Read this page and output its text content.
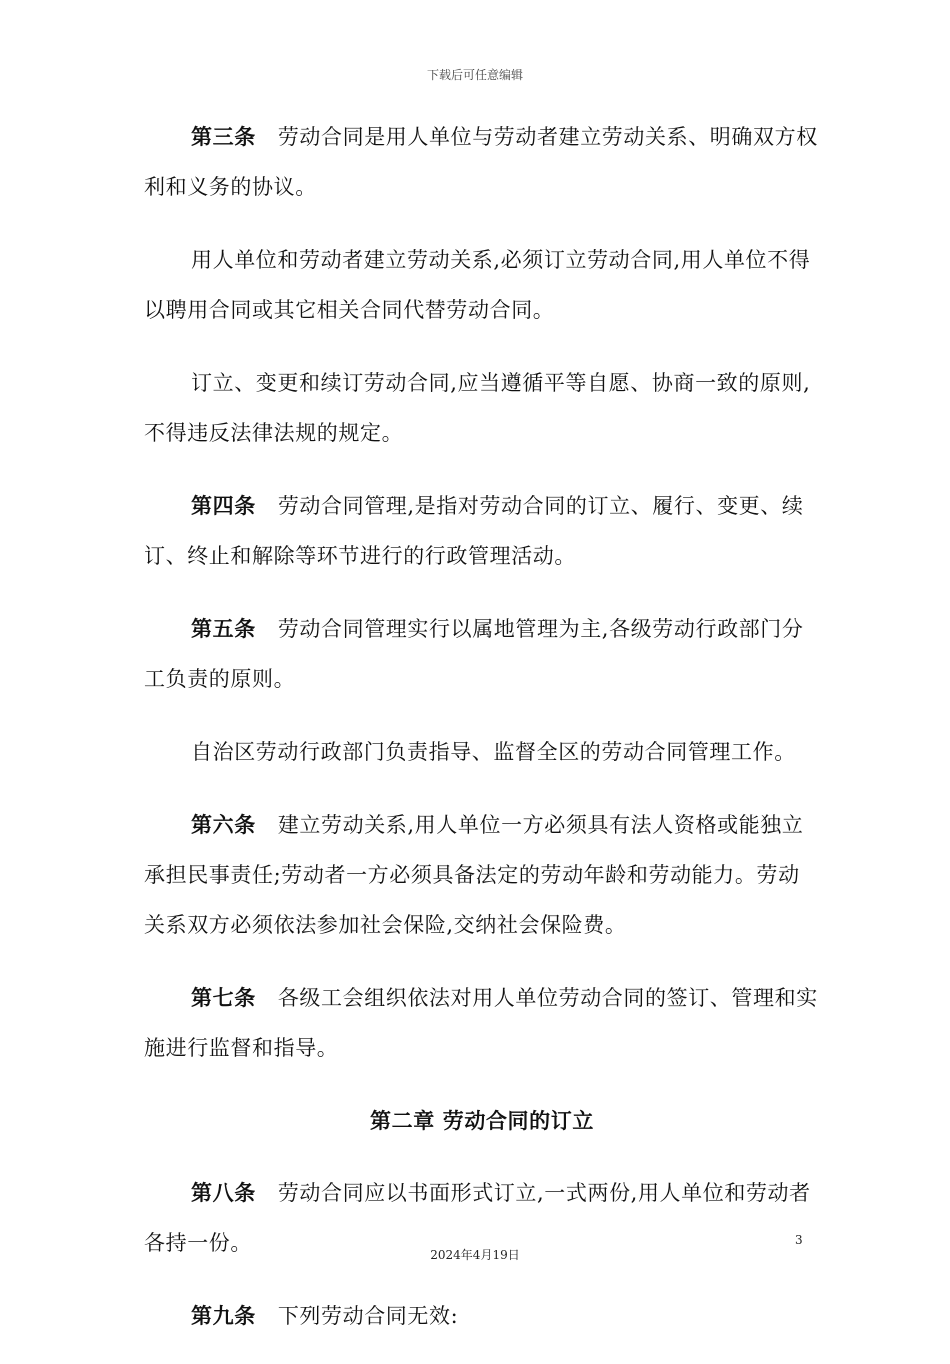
下载后可任意编辑

第三条 劳动合同是用人单位与劳动者建立劳动关系、明确双方权利和义务的协议。

用人单位和劳动者建立劳动关系,必须订立劳动合同,用人单位不得以聘用合同或其它相关合同代替劳动合同。

订立、变更和续订劳动合同,应当遵循平等自愿、协商一致的原则,不得违反法律法规的规定。

第四条 劳动合同管理,是指对劳动合同的订立、履行、变更、续订、终止和解除等环节进行的行政管理活动。

第五条 劳动合同管理实行以属地管理为主,各级劳动行政部门分工负责的原则。

自治区劳动行政部门负责指导、监督全区的劳动合同管理工作。

第六条 建立劳动关系,用人单位一方必须具有法人资格或能独立承担民事责任;劳动者一方必须具备法定的劳动年龄和劳动能力。劳动关系双方必须依法参加社会保险,交纳社会保险费。

第七条 各级工会组织依法对用人单位劳动合同的签订、管理和实施进行监督和指导。

第二章 劳动合同的订立

第八条 劳动合同应以书面形式订立,一式两份,用人单位和劳动者各持一份。

第九条 下列劳动合同无效:

3
2024年4月19日
